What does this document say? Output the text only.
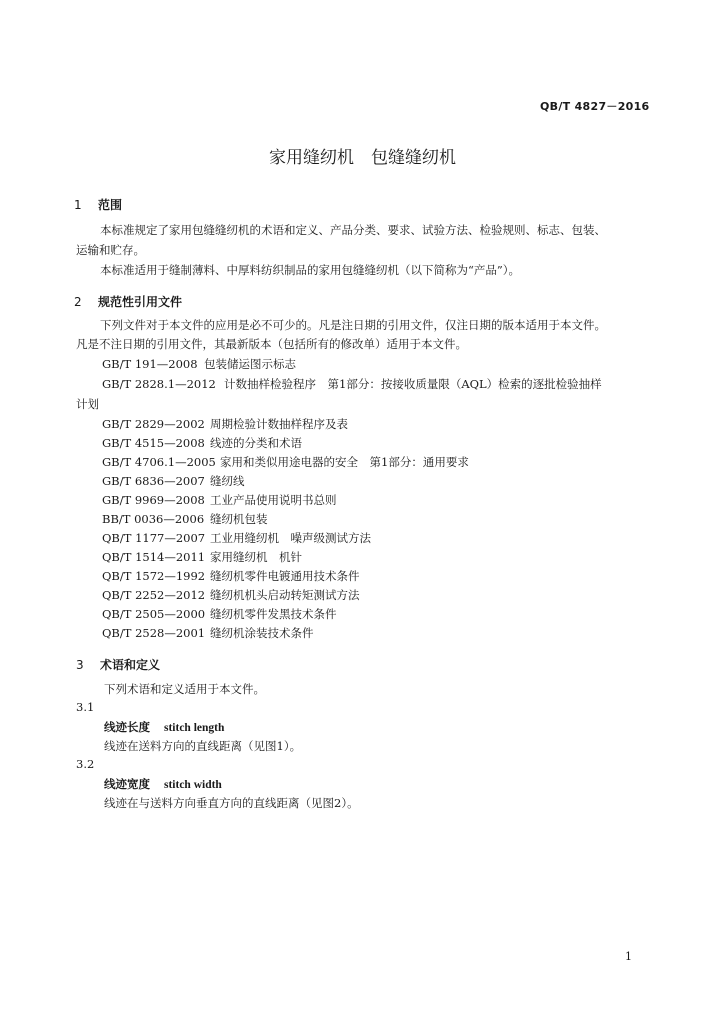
QB/T 4827－2016
家用缝纫机　包缝缝纫机
1 范围
本标准规定了家用包缝缝纫机的术语和定义、产品分类、要求、试验方法、检验规则、标志、包装、
运输和贮存。
本标准适用于缝制薄料、中厚料纺织制品的家用包缝缝纫机（以下简称为“产品”）。
2 规范性引用文件
下列文件对于本文件的应用是必不可少的。凡是注日期的引用文件，仅注日期的版本适用于本文件。
凡是不注日期的引用文件，其最新版本（包括所有的修改单）适用于本文件。
GB/T 191—2008 包装储运图示标志
GB/T 2828.1—2012 计数抽样检验程序　第1部分：按接收质量限（AQL）检索的逐批检验抽样
计划
GB/T 2829—2002 周期检验计数抽样程序及表
GB/T 4515—2008 线迹的分类和术语
GB/T 4706.1—2005 家用和类似用途电器的安全　第1部分：通用要求
GB/T 6836—2007 缝纫线
GB/T 9969—2008 工业产品使用说明书总则
BB/T 0036—2006 缝纫机包装
QB/T 1177—2007 工业用缝纫机　噪声级测试方法
QB/T 1514—2011 家用缝纫机　机针
QB/T 1572—1992 缝纫机零件电镀通用技术条件
QB/T 2252—2012 缝纫机机头启动转矩测试方法
QB/T 2505—2000 缝纫机零件发黑技术条件
QB/T 2528—2001 缝纫机涂装技术条件
3 术语和定义
下列术语和定义适用于本文件。
3.1
线迹长度 stitch length
线迹在送料方向的直线距离（见图1）。
3.2
线迹宽度 stitch width
线迹在与送料方向垂直方向的直线距离（见图2）。
1
